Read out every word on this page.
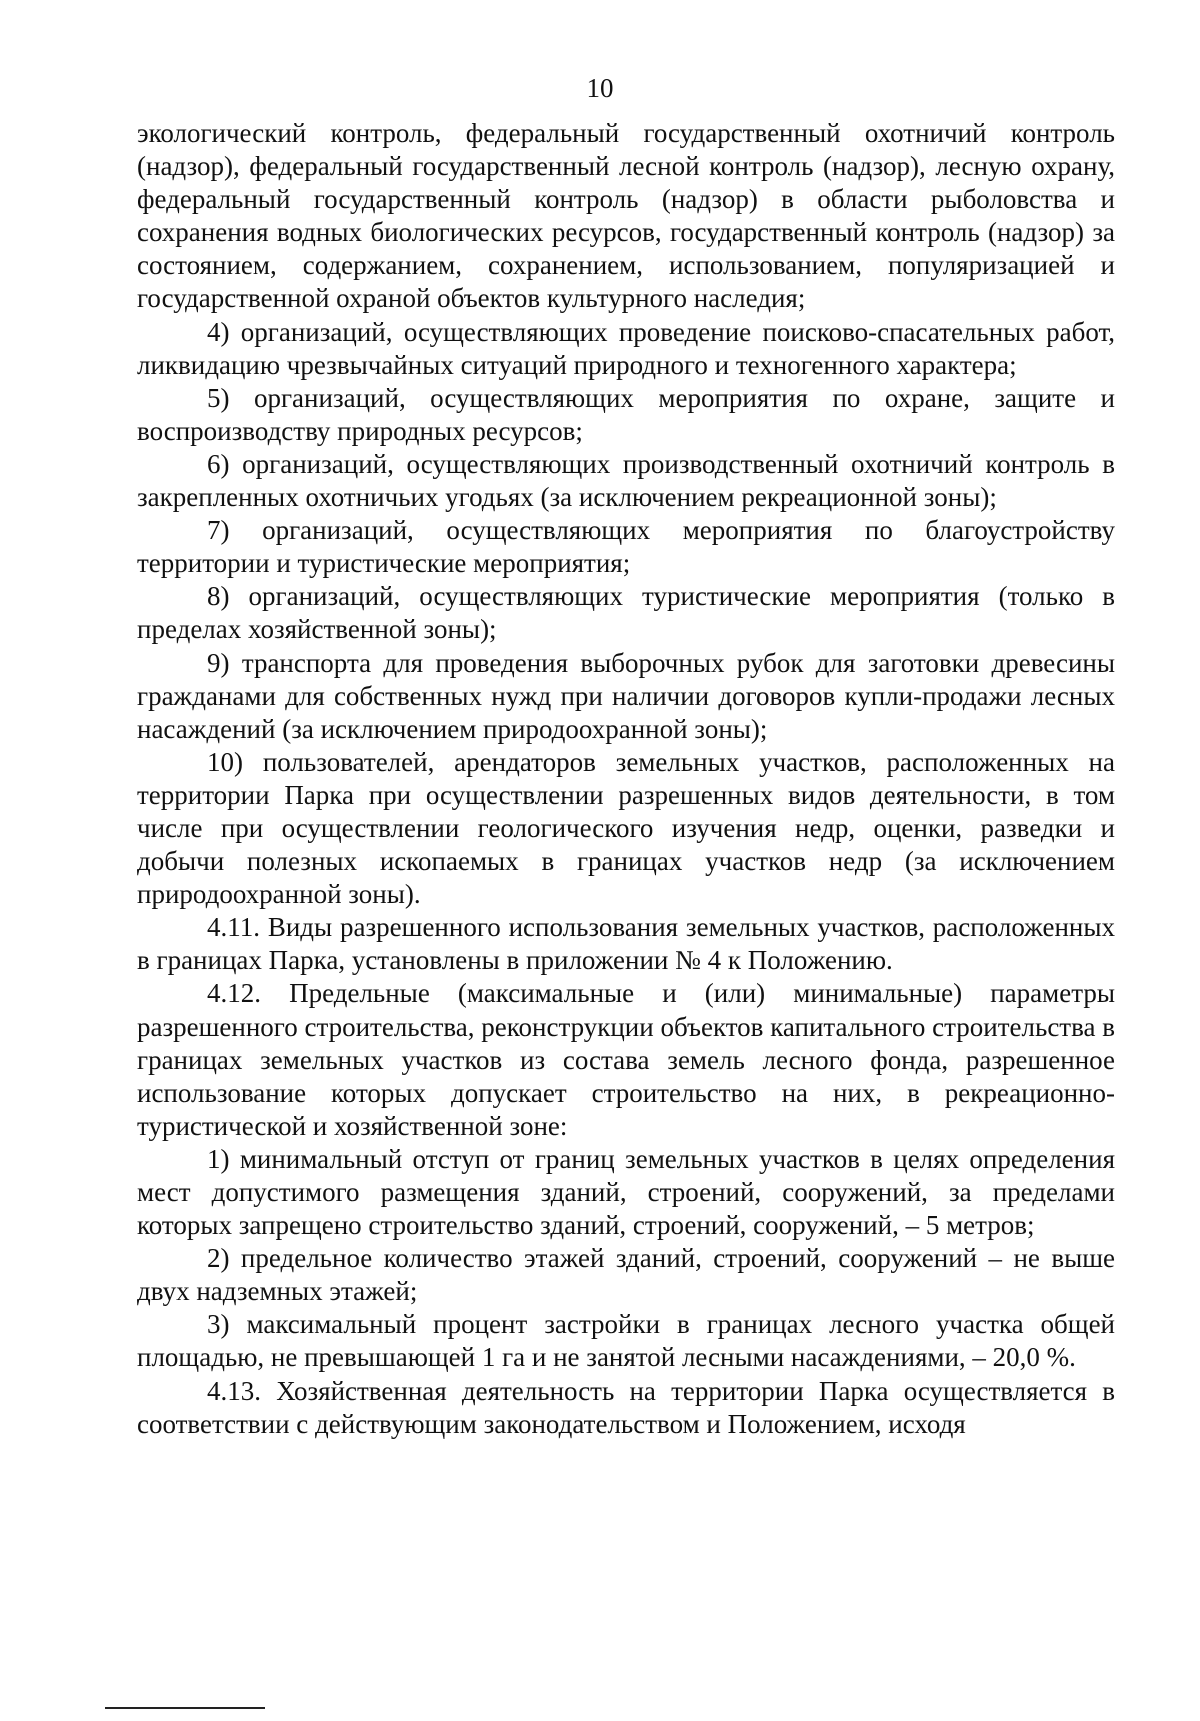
10

экологический контроль, федеральный государственный охотничий контроль (надзор), федеральный государственный лесной контроль (надзор), лесную охрану, федеральный государственный контроль (надзор) в области рыболовства и сохранения водных биологических ресурсов, государственный контроль (надзор) за состоянием, содержанием, сохранением, использованием, популяризацией и государственной охраной объектов культурного наследия;

4) организаций, осуществляющих проведение поисково-спасательных работ, ликвидацию чрезвычайных ситуаций природного и техногенного характера;

5) организаций, осуществляющих мероприятия по охране, защите и воспроизводству природных ресурсов;

6) организаций, осуществляющих производственный охотничий контроль в закрепленных охотничьих угодьях (за исключением рекреационной зоны);

7) организаций, осуществляющих мероприятия по благоустройству территории и туристические мероприятия;

8) организаций, осуществляющих туристические мероприятия (только в пределах хозяйственной зоны);

9) транспорта для проведения выборочных рубок для заготовки древесины гражданами для собственных нужд при наличии договоров купли-продажи лесных насаждений (за исключением природоохранной зоны);

10) пользователей, арендаторов земельных участков, расположенных на территории Парка при осуществлении разрешенных видов деятельности, в том числе при осуществлении геологического изучения недр, оценки, разведки и добычи полезных ископаемых в границах участков недр (за исключением природоохранной зоны).

4.11. Виды разрешенного использования земельных участков, расположенных в границах Парка, установлены в приложении № 4 к Положению.

4.12. Предельные (максимальные и (или) минимальные) параметры разрешенного строительства, реконструкции объектов капитального строительства в границах земельных участков из состава земель лесного фонда, разрешенное использование которых допускает строительство на них, в рекреационно-туристической и хозяйственной зоне:

1) минимальный отступ от границ земельных участков в целях определения мест допустимого размещения зданий, строений, сооружений, за пределами которых запрещено строительство зданий, строений, сооружений, – 5 метров;

2) предельное количество этажей зданий, строений, сооружений – не выше двух надземных этажей;

3) максимальный процент застройки в границах лесного участка общей площадью, не превышающей 1 га и не занятой лесными насаждениями, – 20,0 %.

4.13. Хозяйственная деятельность на территории Парка осуществляется в соответствии с действующим законодательством и Положением, исходя
